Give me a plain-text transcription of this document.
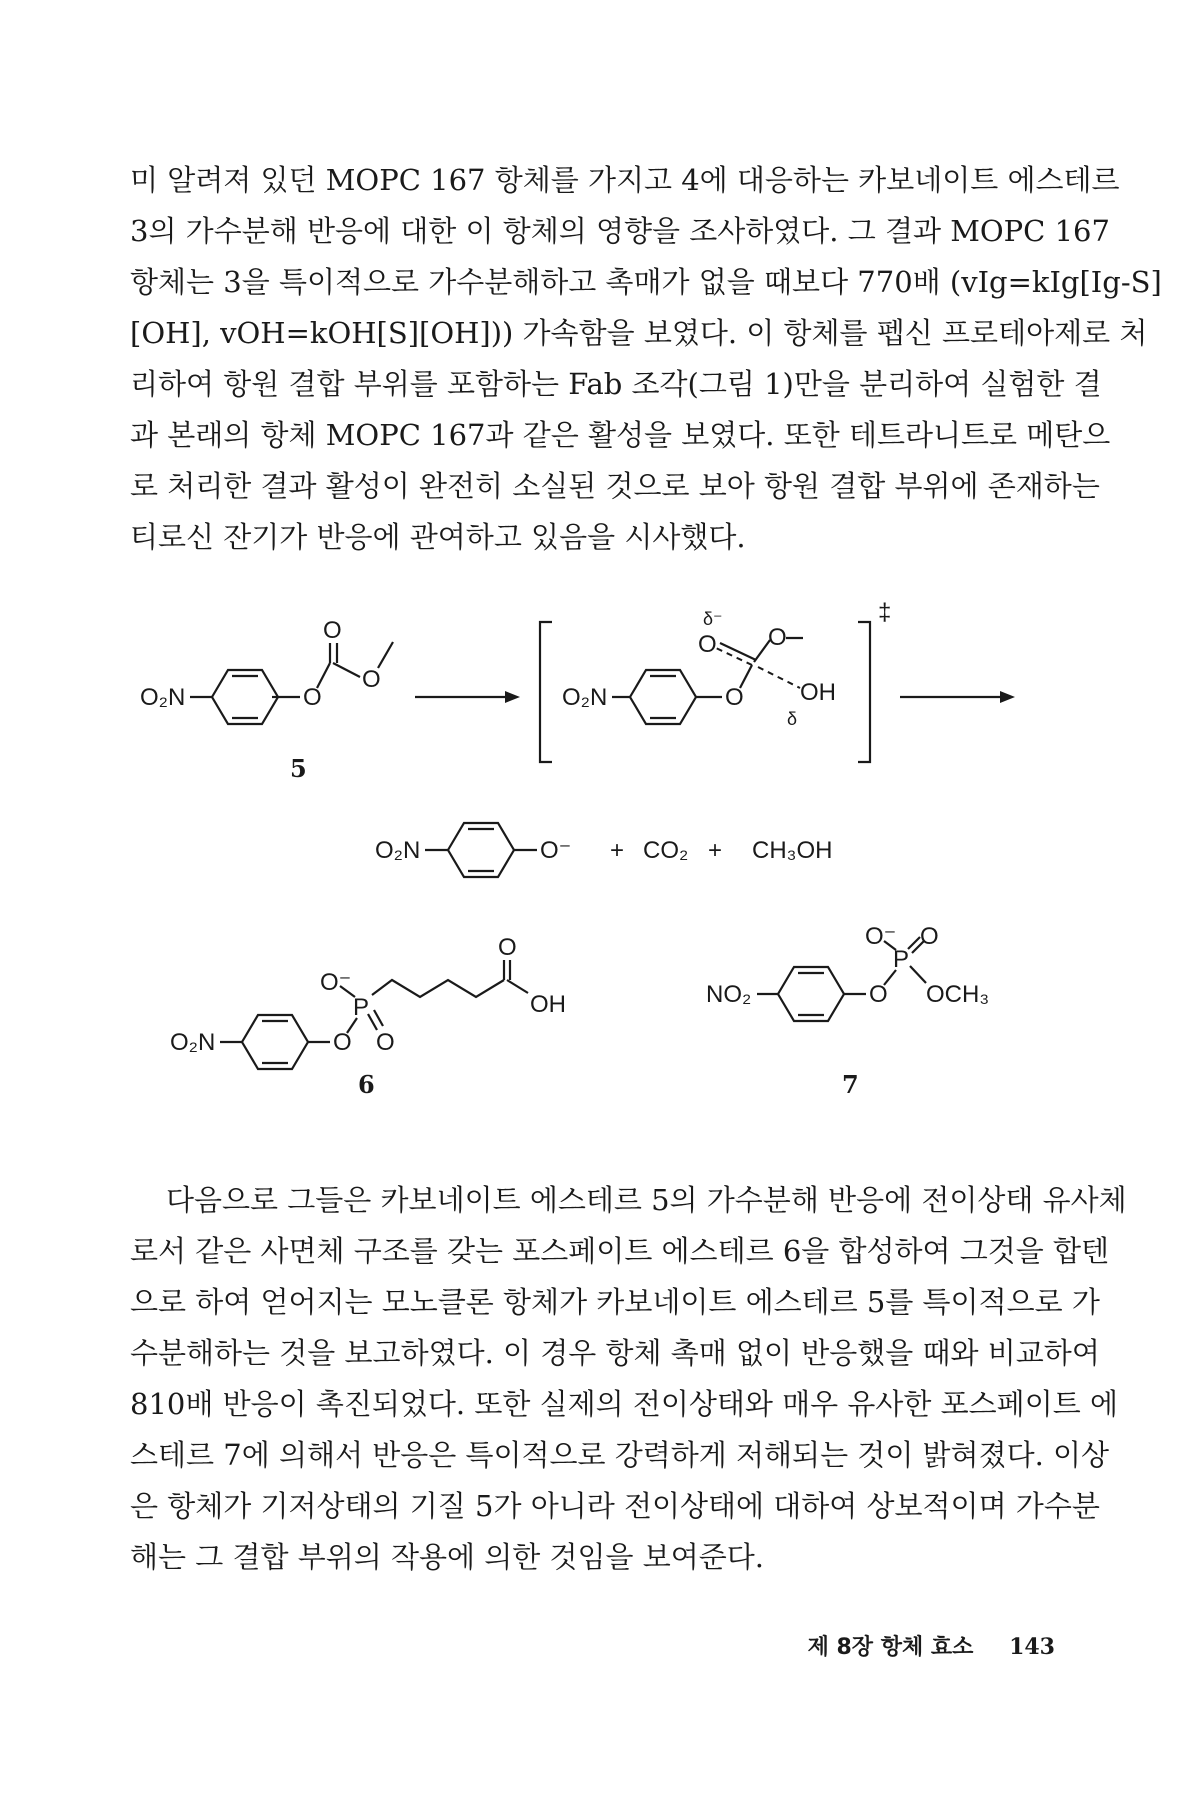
미 알려져 있던 MOPC 167 항체를 가지고 4에 대응하는 카보네이트 에스테르
3의 가수분해 반응에 대한 이 항체의 영향을 조사하였다. 그 결과 MOPC 167
항체는 3을 특이적으로 가수분해하고 촉매가 없을 때보다 770배 (vIg=kIg[Ig-S]
[OH], vOH=kOH[S][OH])) 가속함을 보였다. 이 항체를 펩신 프로테아제로 처
리하여 항원 결합 부위를 포함하는 Fab 조각(그림 1)만을 분리하여 실험한 결
과 본래의 항체 MOPC 167과 같은 활성을 보였다. 또한 테트라니트로 메탄으
로 처리한 결과 활성이 완전히 소실된 것으로 보아 항원 결합 부위에 존재하는
티로신 잔기가 반응에 관여하고 있음을 시사했다.
O₂N	O
O
O
5
‡
O₂N	O
O
δ⁻
O
OH
δ
O₂N	O⁻ + CO₂ + CH₃OH
O₂N	O
P
O⁻
O
O
OH
6
NO₂	O
P
O⁻ O
OCH₃
7
다음으로 그들은 카보네이트 에스테르 5의 가수분해 반응에 전이상태 유사체
로서 같은 사면체 구조를 갖는 포스페이트 에스테르 6을 합성하여 그것을 합텐
으로 하여 얻어지는 모노클론 항체가 카보네이트 에스테르 5를 특이적으로 가
수분해하는 것을 보고하였다. 이 경우 항체 촉매 없이 반응했을 때와 비교하여
810배 반응이 촉진되었다. 또한 실제의 전이상태와 매우 유사한 포스페이트 에
스테르 7에 의해서 반응은 특이적으로 강력하게 저해되는 것이 밝혀졌다. 이상
은 항체가 기저상태의 기질 5가 아니라 전이상태에 대하여 상보적이며 가수분
해는 그 결합 부위의 작용에 의한 것임을 보여준다.
제 8장 항체 효소 143
